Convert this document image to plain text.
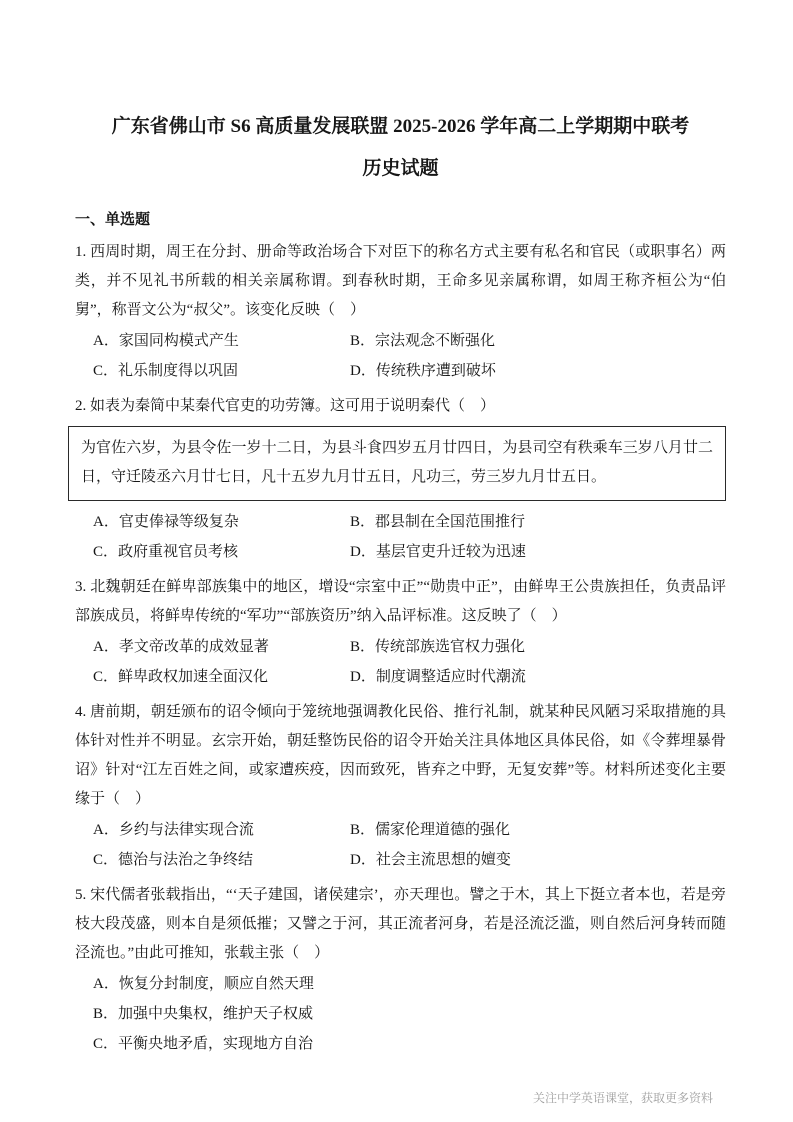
广东省佛山市 S6 高质量发展联盟 2025-2026 学年高二上学期期中联考
历史试题
一、单选题

1. 西周时期，周王在分封、册命等政治场合下对臣下的称名方式主要有私名和官民（或职事名）两类，并不见礼书所载的相关亲属称谓。到春秋时期，王命多见亲属称谓，如周王称齐桓公为“伯舅”，称晋文公为“叔父”。该变化反映（　）

A．家国同构模式产生	B．宗法观念不断强化
C．礼乐制度得以巩固	D．传统秩序遭到破坏

2. 如表为秦简中某秦代官吏的功劳簿。这可用于说明秦代（　）

为官佐六岁，为县令佐一岁十二日，为县斗食四岁五月廿四日，为县司空有秩乘车三岁八月廿二日，守迁陵丞六月廿七日，凡十五岁九月廿五日，凡功三，劳三岁九月廿五日。

A．官吏俸禄等级复杂	B．郡县制在全国范围推行
C．政府重视官员考核	D．基层官吏升迁较为迅速

3. 北魏朝廷在鲜卑部族集中的地区，增设“宗室中正”“勋贵中正”，由鲜卑王公贵族担任，负责品评部族成员，将鲜卑传统的“军功”“部族资历”纳入品评标准。这反映了（　）

A．孝文帝改革的成效显著	B．传统部族选官权力强化
C．鲜卑政权加速全面汉化	D．制度调整适应时代潮流

4. 唐前期，朝廷颁布的诏令倾向于笼统地强调教化民俗、推行礼制，就某种民风陋习采取措施的具体针对性并不明显。玄宗开始，朝廷整饬民俗的诏令开始关注具体地区具体民俗，如《令葬埋暴骨诏》针对“江左百姓之间，或家遭疾疫，因而致死，皆弃之中野，无复安葬”等。材料所述变化主要缘于（　）

A．乡约与法律实现合流	B．儒家伦理道德的强化
C．德治与法治之争终结	D．社会主流思想的嬗变

5. 宋代儒者张载指出，“‘天子建国，诸侯建宗’，亦天理也。譬之于木，其上下挺立者本也，若是旁枝大段茂盛，则本自是须低摧；又譬之于河，其正流者河身，若是泾流泛滥，则自然后河身转而随泾流也。”由此可推知，张载主张（　）

A．恢复分封制度，顺应自然天理
B．加强中央集权，维护天子权威
C．平衡央地矛盾，实现地方自治
关注中学英语课堂，获取更多资料
